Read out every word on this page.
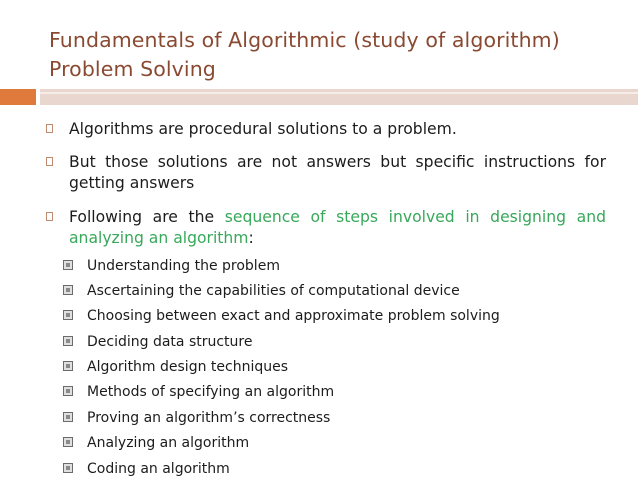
Fundamentals of Algorithmic (study of algorithm) Problem Solving
Algorithms are procedural solutions to a problem.
But those solutions are not answers but specific instructions for getting answers
Following are the sequence of steps involved in designing and analyzing an algorithm:
Understanding the problem
Ascertaining the capabilities of computational device
Choosing between exact and approximate problem solving
Deciding data structure
Algorithm design techniques
Methods of specifying an algorithm
Proving an algorithm’s correctness
Analyzing an algorithm
Coding an algorithm
